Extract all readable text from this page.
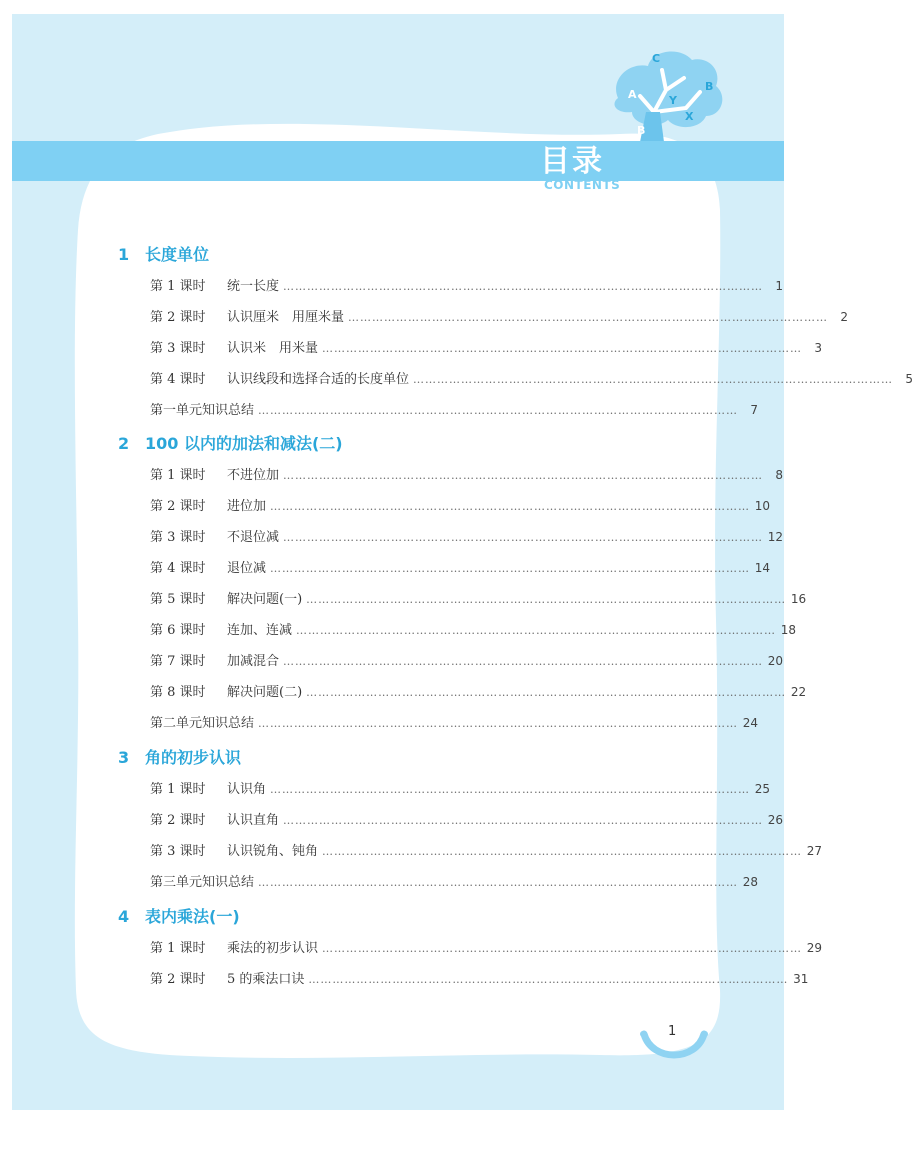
C
A
B
Y
X
B
目录
CONTENTS
1 长度单位
第 1 课时	统一长度 …………………………………………………………………………………………………………	1
第 2 课时	认识厘米　用厘米量 …………………………………………………………………………………………………………	2
第 3 课时	认识米　用米量 …………………………………………………………………………………………………………	3
第 4 课时	认识线段和选择合适的长度单位 …………………………………………………………………………………………………………	5
第一单元知识总结 …………………………………………………………………………………………………………	7
2 100 以内的加法和减法(二)
第 1 课时	不进位加 …………………………………………………………………………………………………………	8
第 2 课时	进位加 ………………………………………………………………………………………………………… 10
第 3 课时	不退位减 ………………………………………………………………………………………………………… 12
第 4 课时	退位减 ………………………………………………………………………………………………………… 14
第 5 课时	解决问题(一) ………………………………………………………………………………………………………… 16
第 6 课时	连加、连减 ………………………………………………………………………………………………………… 18
第 7 课时	加减混合 ………………………………………………………………………………………………………… 20
第 8 课时	解决问题(二) ………………………………………………………………………………………………………… 22
第二单元知识总结 ………………………………………………………………………………………………………… 24
3 角的初步认识
第 1 课时	认识角 ………………………………………………………………………………………………………… 25
第 2 课时	认识直角 ………………………………………………………………………………………………………… 26
第 3 课时	认识锐角、钝角 ………………………………………………………………………………………………………… 27
第三单元知识总结 ………………………………………………………………………………………………………… 28
4 表内乘法(一)
第 1 课时	乘法的初步认识 ………………………………………………………………………………………………………… 29
第 2 课时	5 的乘法口诀 ………………………………………………………………………………………………………… 31
1
